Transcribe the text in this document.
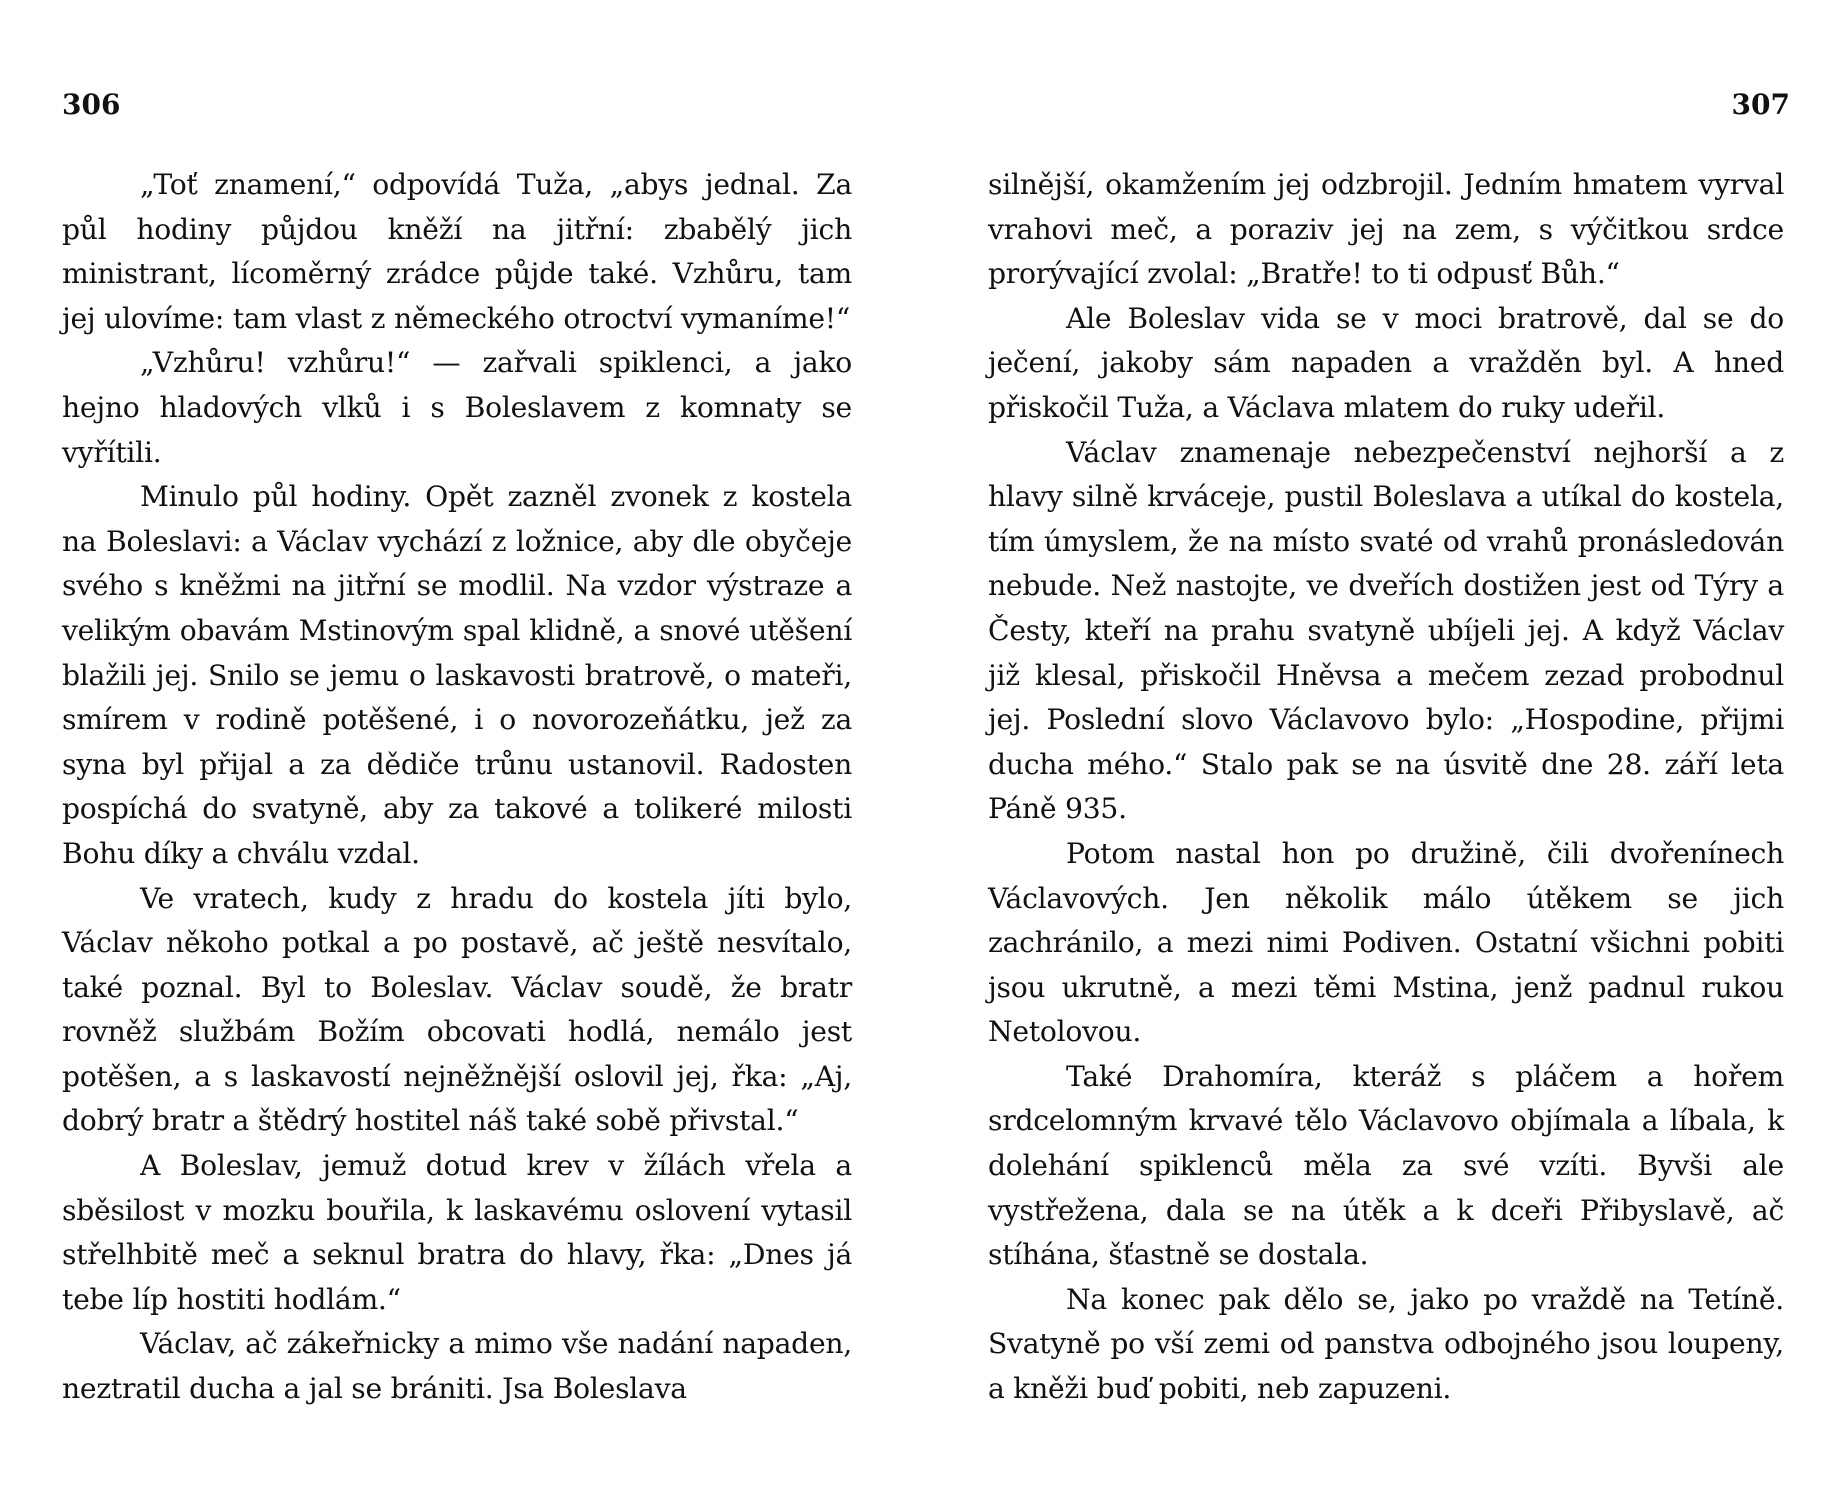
306

„Toť znamení,“ odpovídá Tuža, „abys jednal. Za půl hodiny půjdou kněží na jitřní: zbabělý jich ministrant, lícoměrný zrádce půjde také. Vzhůru, tam jej ulovíme: tam vlast z německého otroctví vymaníme!“

„Vzhůru! vzhůru!“ — zařvali spiklenci, a jako hejno hladových vlků i s Boleslavem z komnaty se vyřítili.

Minulo půl hodiny. Opět zazněl zvonek z kostela na Boleslavi: a Václav vychází z ložnice, aby dle obyčeje svého s kněžmi na jitřní se modlil. Na vzdor výstraze a velikým obavám Mstinovým spal klidně, a snové utěšení blažili jej. Snilo se jemu o laskavosti bratrově, o mateři, smírem v rodině potěšené, i o novorozeňátku, jež za syna byl přijal a za dědiče trůnu ustanovil. Radosten pospíchá do svatyně, aby za takové a tolikeré milosti Bohu díky a chválu vzdal.

Ve vratech, kudy z hradu do kostela jíti bylo, Václav někoho potkal a po postavě, ač ještě nesvítalo, také poznal. Byl to Boleslav. Václav soudě, že bratr rovněž službám Božím obcovati hodlá, nemálo jest potěšen, a s laskavostí nejněžnější oslovil jej, řka: „Aj, dobrý bratr a štědrý hostitel náš také sobě přivstal.“

A Boleslav, jemuž dotud krev v žílách vřela a sběsilost v mozku bouřila, k laskavému oslovení vytasil střelhbitě meč a seknul bratra do hlavy, řka: „Dnes já tebe líp hostiti hodlám.“

Václav, ač zákeřnicky a mimo vše nadání napaden, neztratil ducha a jal se brániti. Jsa Boleslava

307

silnější, okamžením jej odzbrojil. Jedním hmatem vyrval vrahovi meč, a poraziv jej na zem, s výčitkou srdce prorývající zvolal: „Bratře! to ti odpusť Bůh.“

Ale Boleslav vida se v moci bratrově, dal se do ječení, jakoby sám napaden a vražděn byl. A hned přiskočil Tuža, a Václava mlatem do ruky udeřil.

Václav znamenaje nebezpečenství nejhorší a z hlavy silně krváceje, pustil Boleslava a utíkal do kostela, tím úmyslem, že na místo svaté od vrahů pronásledován nebude. Než nastojte, ve dveřích dostižen jest od Týry a Česty, kteří na prahu svatyně ubíjeli jej. A když Václav již klesal, přiskočil Hněvsa a mečem zezad probodnul jej. Poslední slovo Václavovo bylo: „Hospodine, přijmi ducha mého.“ Stalo pak se na úsvitě dne 28. září leta Páně 935.

Potom nastal hon po družině, čili dvořenínech Václavových. Jen několik málo útěkem se jich zachránilo, a mezi nimi Podiven. Ostatní všichni pobiti jsou ukrutně, a mezi těmi Mstina, jenž padnul rukou Netolovou.

Také Drahomíra, kteráž s pláčem a hořem srdcelomným krvavé tělo Václavovo objímala a líbala, k dolehání spiklenců měla za své vzíti. Byvši ale vystřežena, dala se na útěk a k dceři Přibyslavě, ač stíhána, šťastně se dostala.

Na konec pak dělo se, jako po vraždě na Tetíně. Svatyně po vší zemi od panstva odbojného jsou loupeny, a kněži buď pobiti, neb zapuzeni.
